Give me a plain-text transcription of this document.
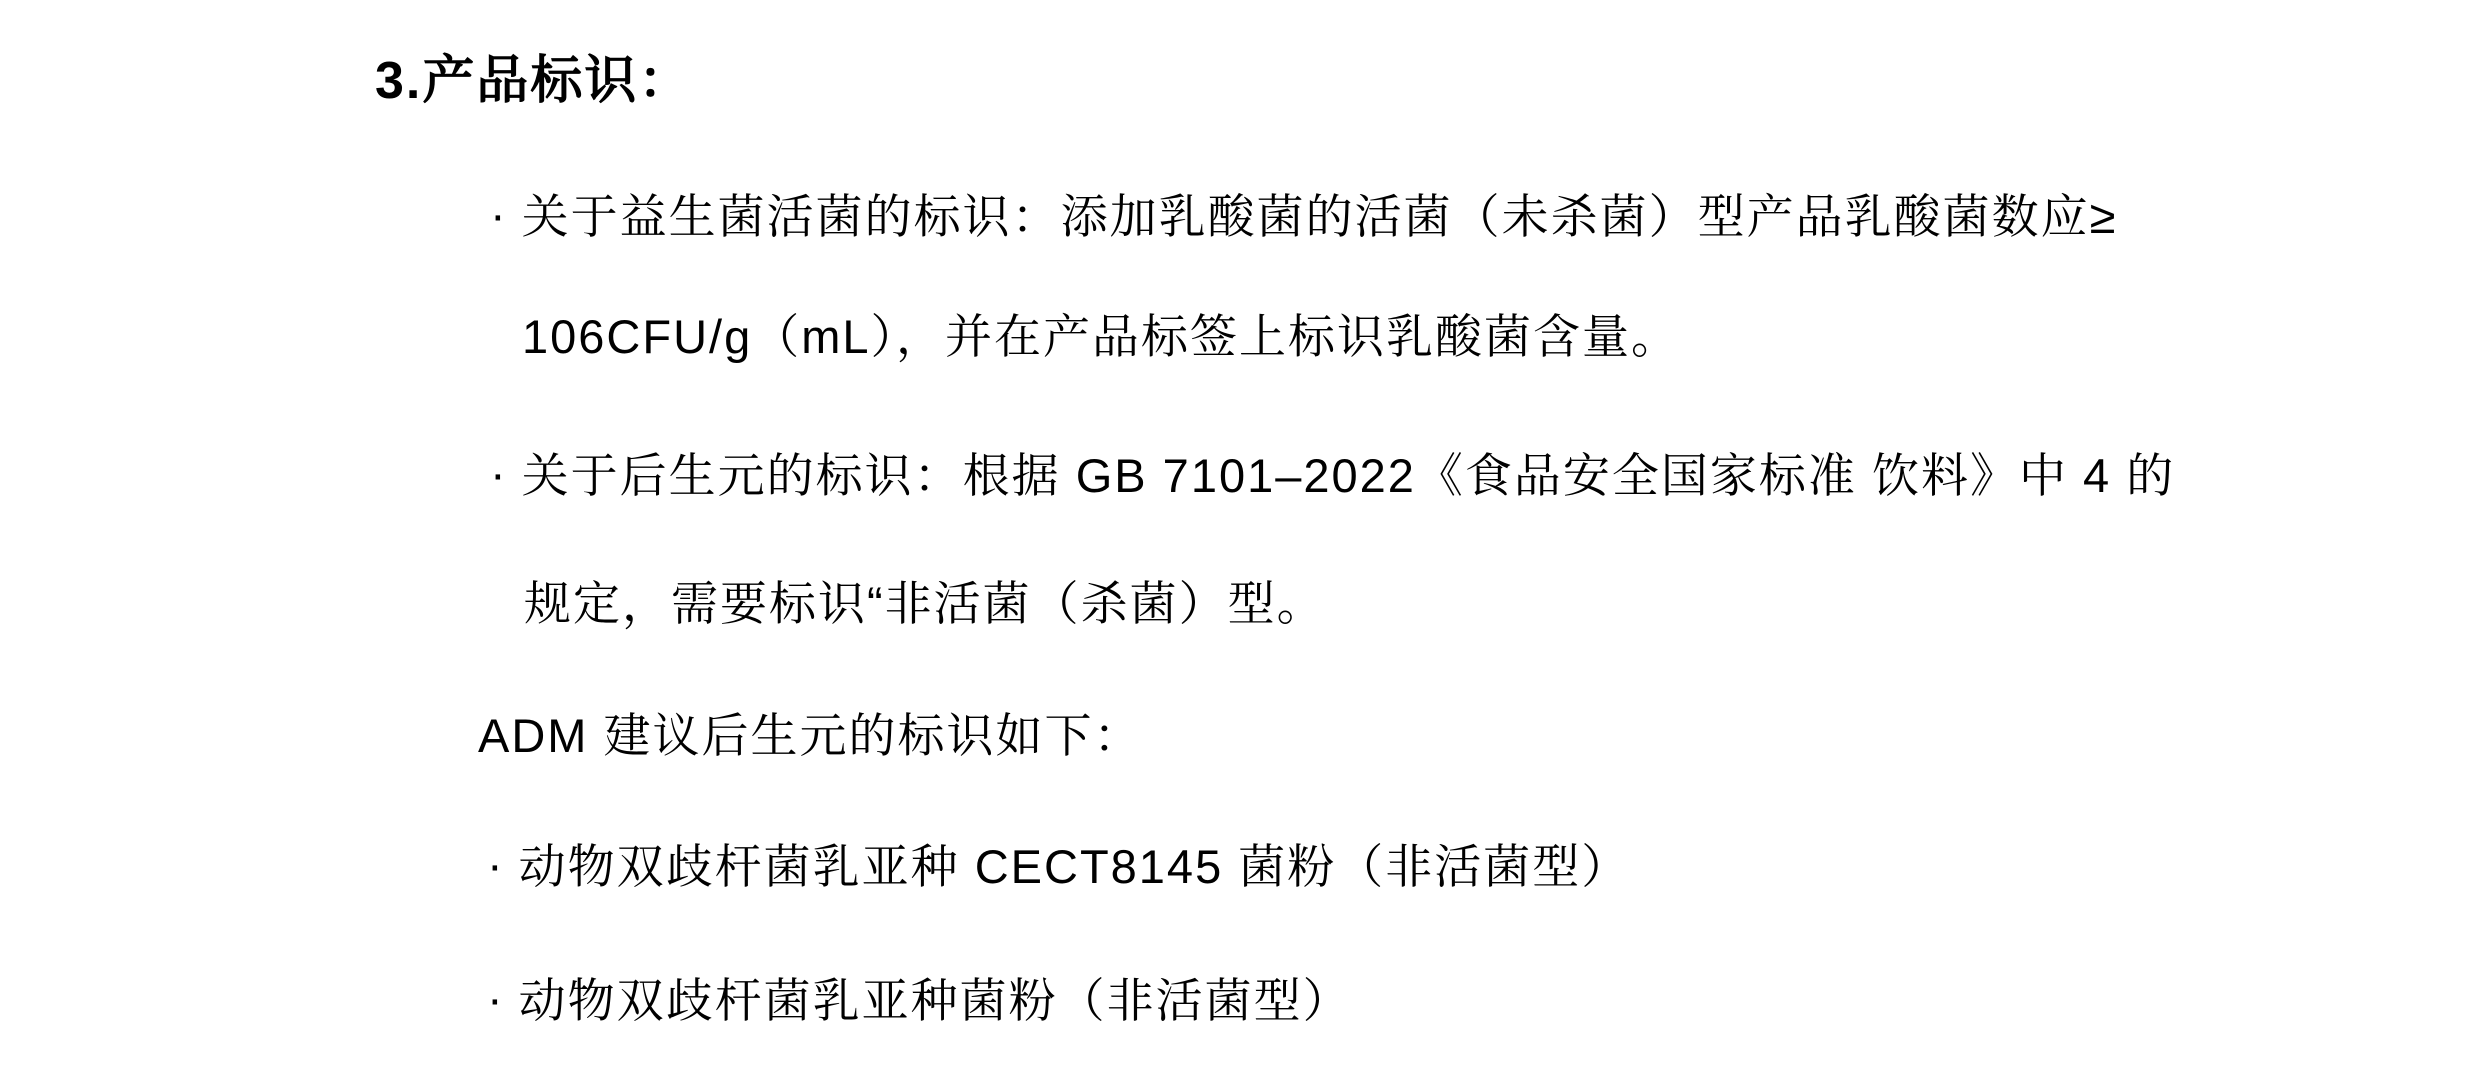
3.产品标识：
· 关于益生菌活菌的标识：添加乳酸菌的活菌（未杀菌）型产品乳酸菌数应≥
106CFU/g（mL），并在产品标签上标识乳酸菌含量。
· 关于后生元的标识：根据 GB 7101–2022《食品安全国家标准 饮料》中 4 的
规定，需要标识“非活菌（杀菌）型。
ADM 建议后生元的标识如下：
· 动物双歧杆菌乳亚种 CECT8145 菌粉（非活菌型）
· 动物双歧杆菌乳亚种菌粉（非活菌型）
